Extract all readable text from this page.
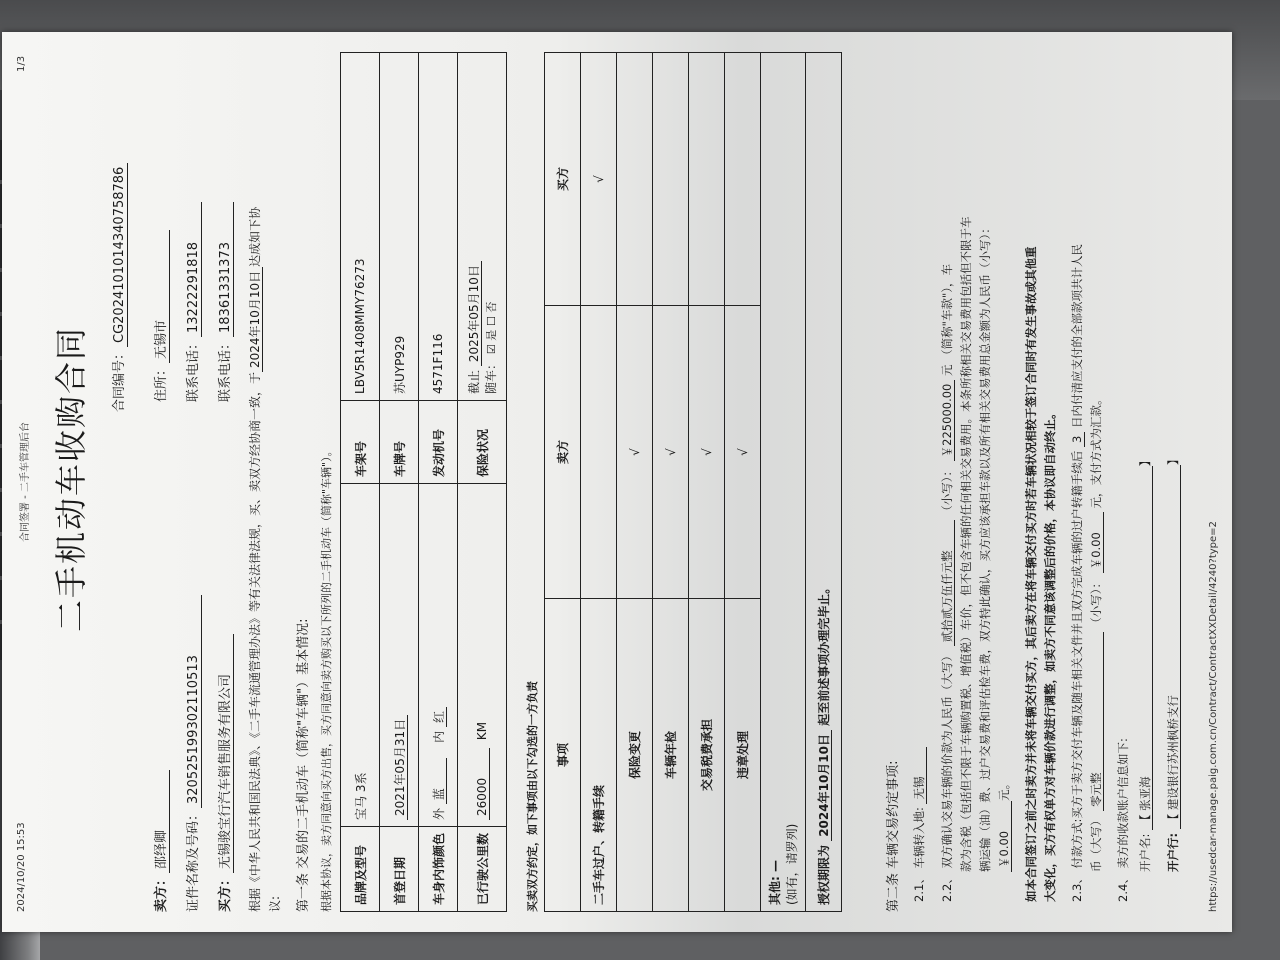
2024/10/20 15:53
合同签署 - 二手车管理后台
1/3
二手机动车收购合同	合同编号：CG20241010143407587​86
卖方：邵绎卿
住所：无锡市
证件名称及号码：320525199302110513
联系电话：13222291818
买方：无锡骏宝行汽车销售服务有限公司
联系电话：18361331373
根据《中华人民共和国民法典》、《二手车流通管理办法》等有关法律法规，买、卖双方经协商一致，于2024年10月10日达成如下协
议:	第一条 交易的二手机动车（简称"车辆"）基本情况: 根据本协议，卖方同意向买方出售，买方同意向卖方购买以下所列的二手机动车（简称"车辆"）。 品牌及型号	宝马 3系	车架号	LBV5R1408MMY76273
首登日期	2021年05月31日	车牌号	苏UYP929
车身内饰颜色	外 蓝    内 红	发动机号	4571F116
已行驶公里数	26000  KM	保险状况	截止 2025年05月10日
随车： ☑ 是 ☐ 否
买卖双方约定，如下事项由以下勾选的一方负责 事项	卖方	买方
二手车过户、转籍手续		√
保险变更	√	
车辆年检	√	
交易税费承担	√	
违章处理	√	

其他: — (如有，请罗列)		

授权期限为 2024年10月10日 起至前述事项办理完毕止。		
第二条 车辆交易约定事项: 2.1、 车辆转入地: 无锡
2.2、 双方确认交易车辆的价款为人民币（大写） 贰拾贰万伍仟元整 （小写）： ￥225000.00 元 （简称"车款"），车 款为含税（包括但不限于车辆购置税、增值税）车价，但不包含车辆的任何相关交易费用。本条所称相关交易费用包括但不限于车 辆运输（油）费、过户交易费和评估检车费，双方特此确认，买方应该承担车款以及所有相关交易费用总金额为人民币（小写）： ￥0.00元。 如本合同签订之前之时卖方并未将车辆交付买方，其后卖方在将车辆交付买方时若车辆状况相较于签订合同时有发生事故或其他重 大变化，买方有权单方对车辆价款进行调整，如卖方不同意该调整后的价格，本协议即自动终止。 2.3、 付款方式:买方于卖方交付车辆及随车相关文件并且双方完成车辆的过户转籍手续后 3 日内付清应支付的全部款项共计人民
币（大写） 零元整 （小写）： ￥0.00 元，支付方式为汇款。
2.4、 卖方的收款账户信息如下: 开户名: 【 张亚海】
开户行: 【 建设银行苏州枫桥支行】
https://usedcar-manage.paig.com.cn/Contract/ContractXXDetail/4240?type=2
